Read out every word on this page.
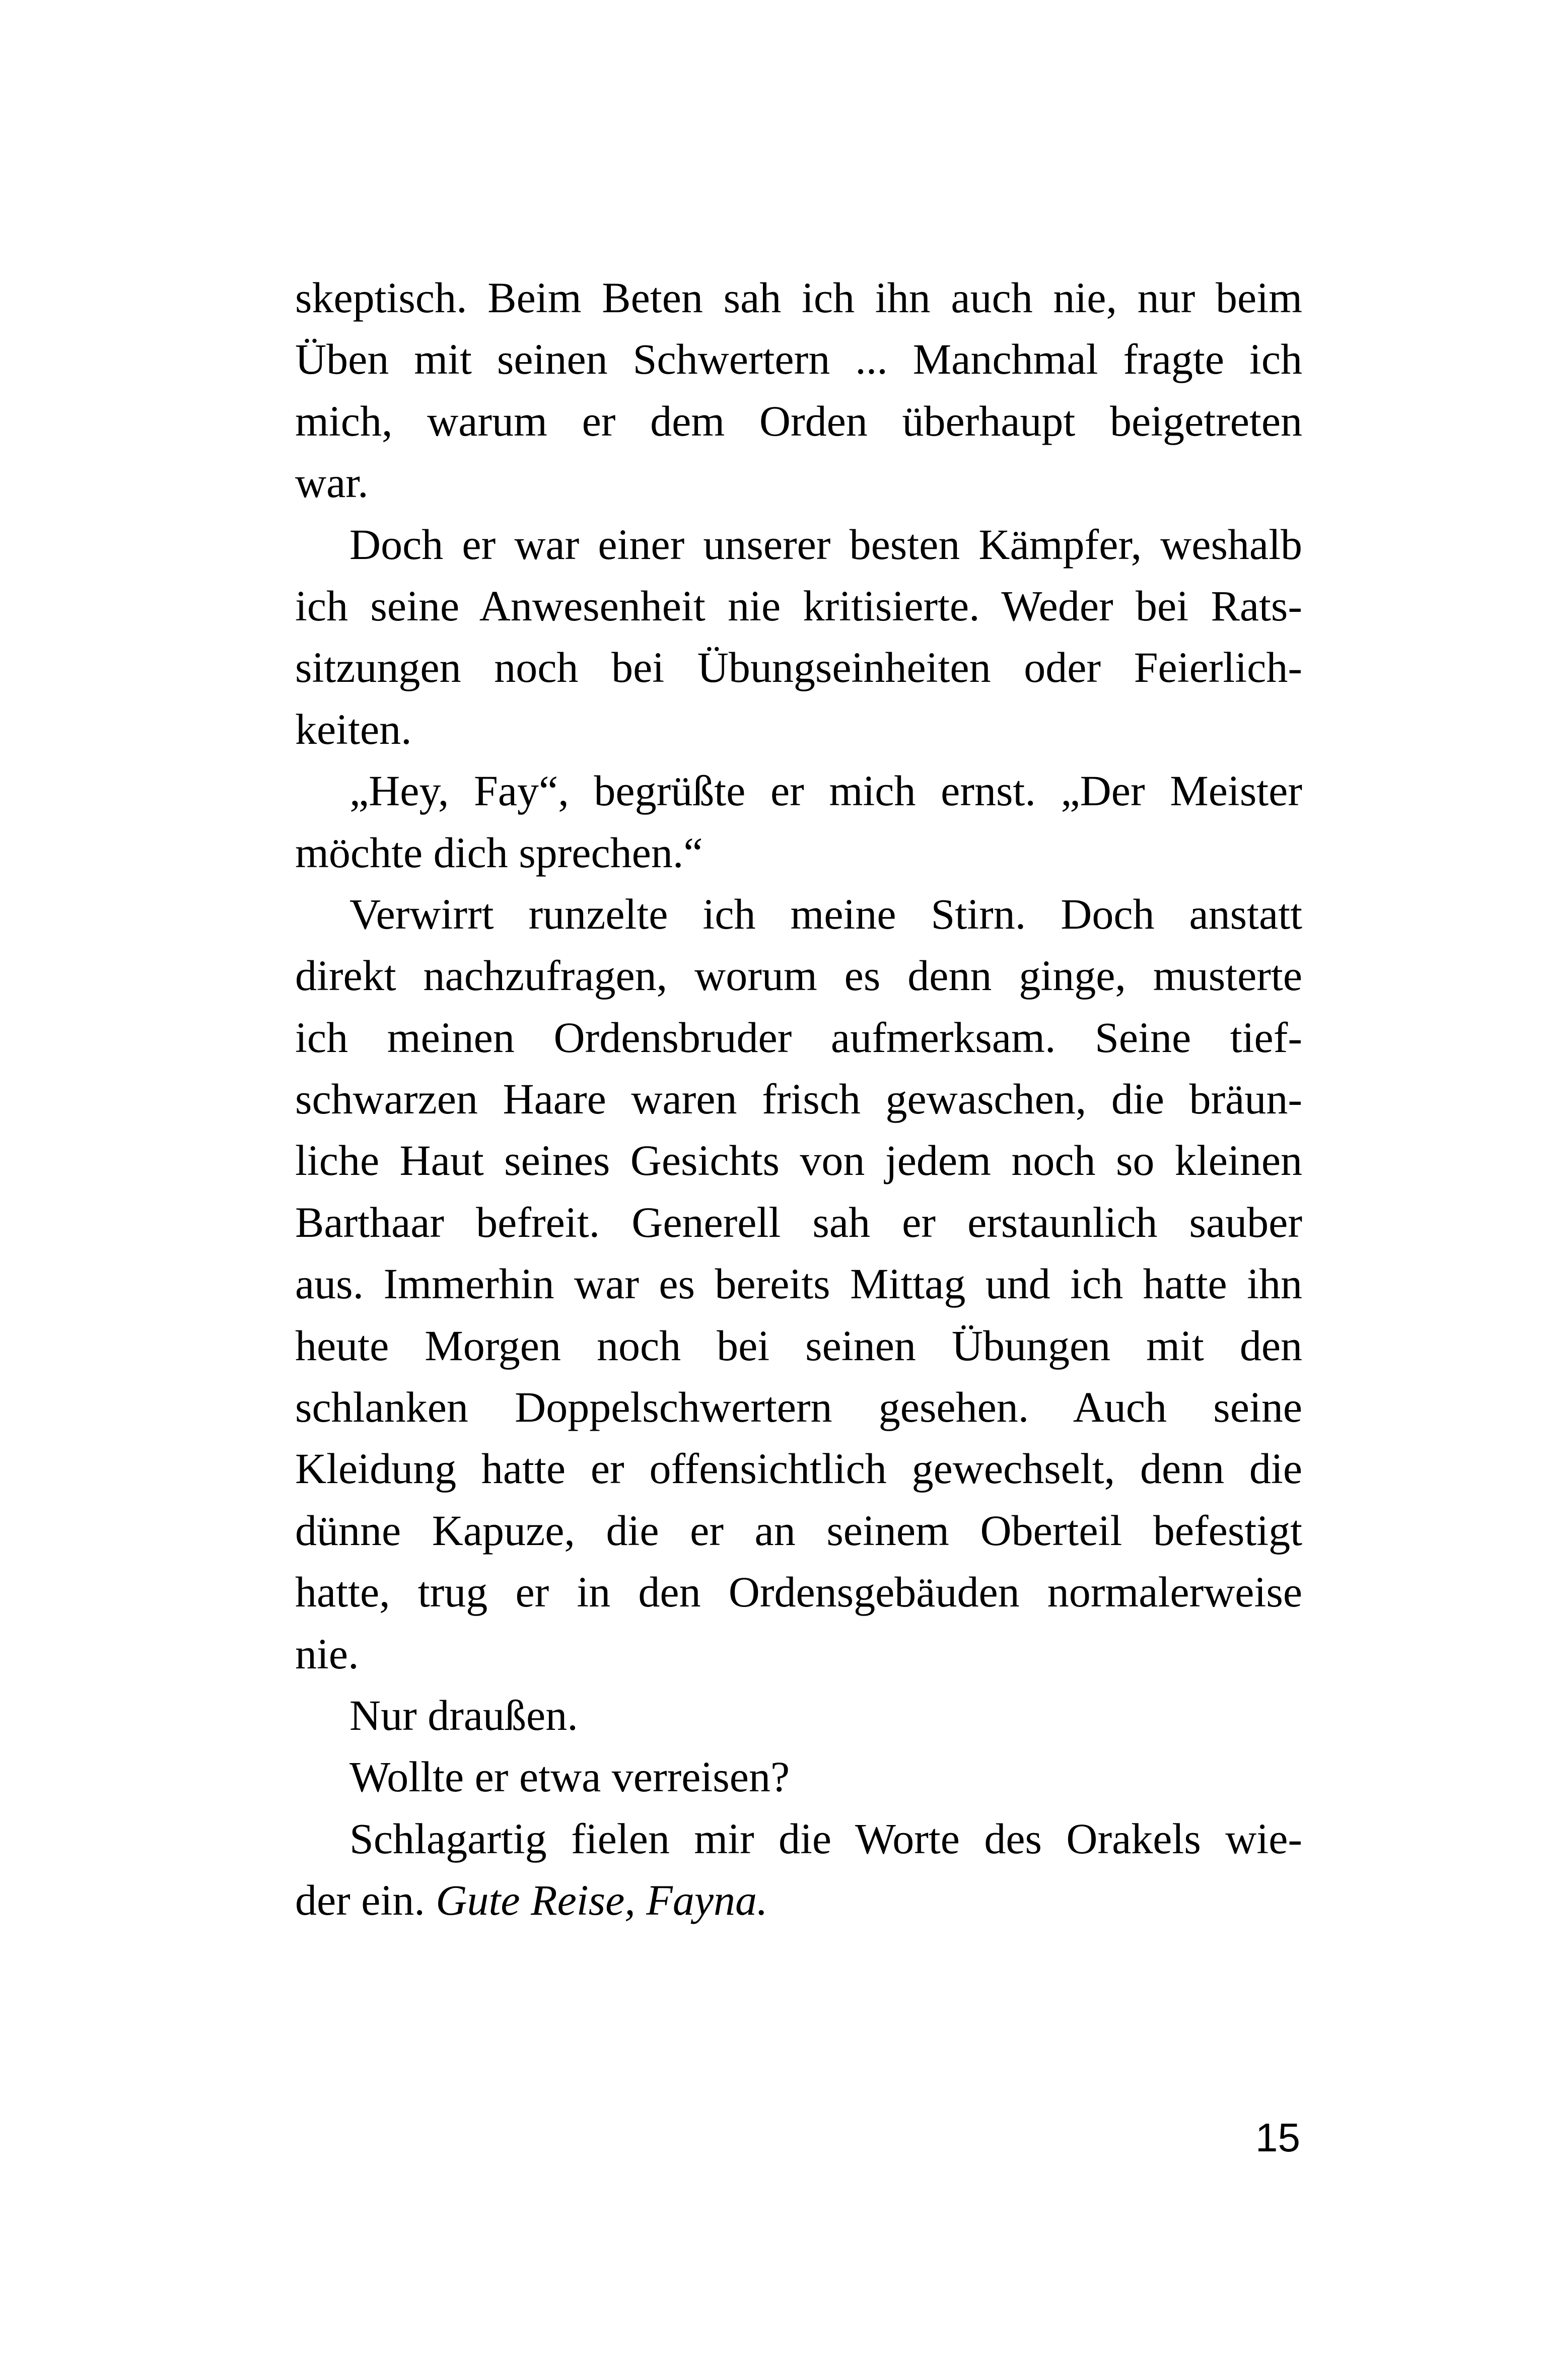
skeptisch. Beim Beten sah ich ihn auch nie, nur beim
Üben mit seinen Schwertern ... Manchmal fragte ich
mich, warum er dem Orden überhaupt beigetreten
war.
Doch er war einer unserer besten Kämpfer, weshalb
ich seine Anwesenheit nie kritisierte. Weder bei Rats-
sitzungen noch bei Übungseinheiten oder Feierlich-
keiten.
„Hey, Fay“, begrüßte er mich ernst. „Der Meister
möchte dich sprechen.“
Verwirrt runzelte ich meine Stirn. Doch anstatt
direkt nachzufragen, worum es denn ginge, musterte
ich meinen Ordensbruder aufmerksam. Seine tief-
schwarzen Haare waren frisch gewaschen, die bräun-
liche Haut seines Gesichts von jedem noch so kleinen
Barthaar befreit. Generell sah er erstaunlich sauber
aus. Immerhin war es bereits Mittag und ich hatte ihn
heute Morgen noch bei seinen Übungen mit den
schlanken Doppelschwertern gesehen. Auch seine
Kleidung hatte er offensichtlich gewechselt, denn die
dünne Kapuze, die er an seinem Oberteil befestigt
hatte, trug er in den Ordensgebäuden normalerweise
nie.
Nur draußen.
Wollte er etwa verreisen?
Schlagartig fielen mir die Worte des Orakels wie-
der ein. Gute Reise, Fayna.
15
